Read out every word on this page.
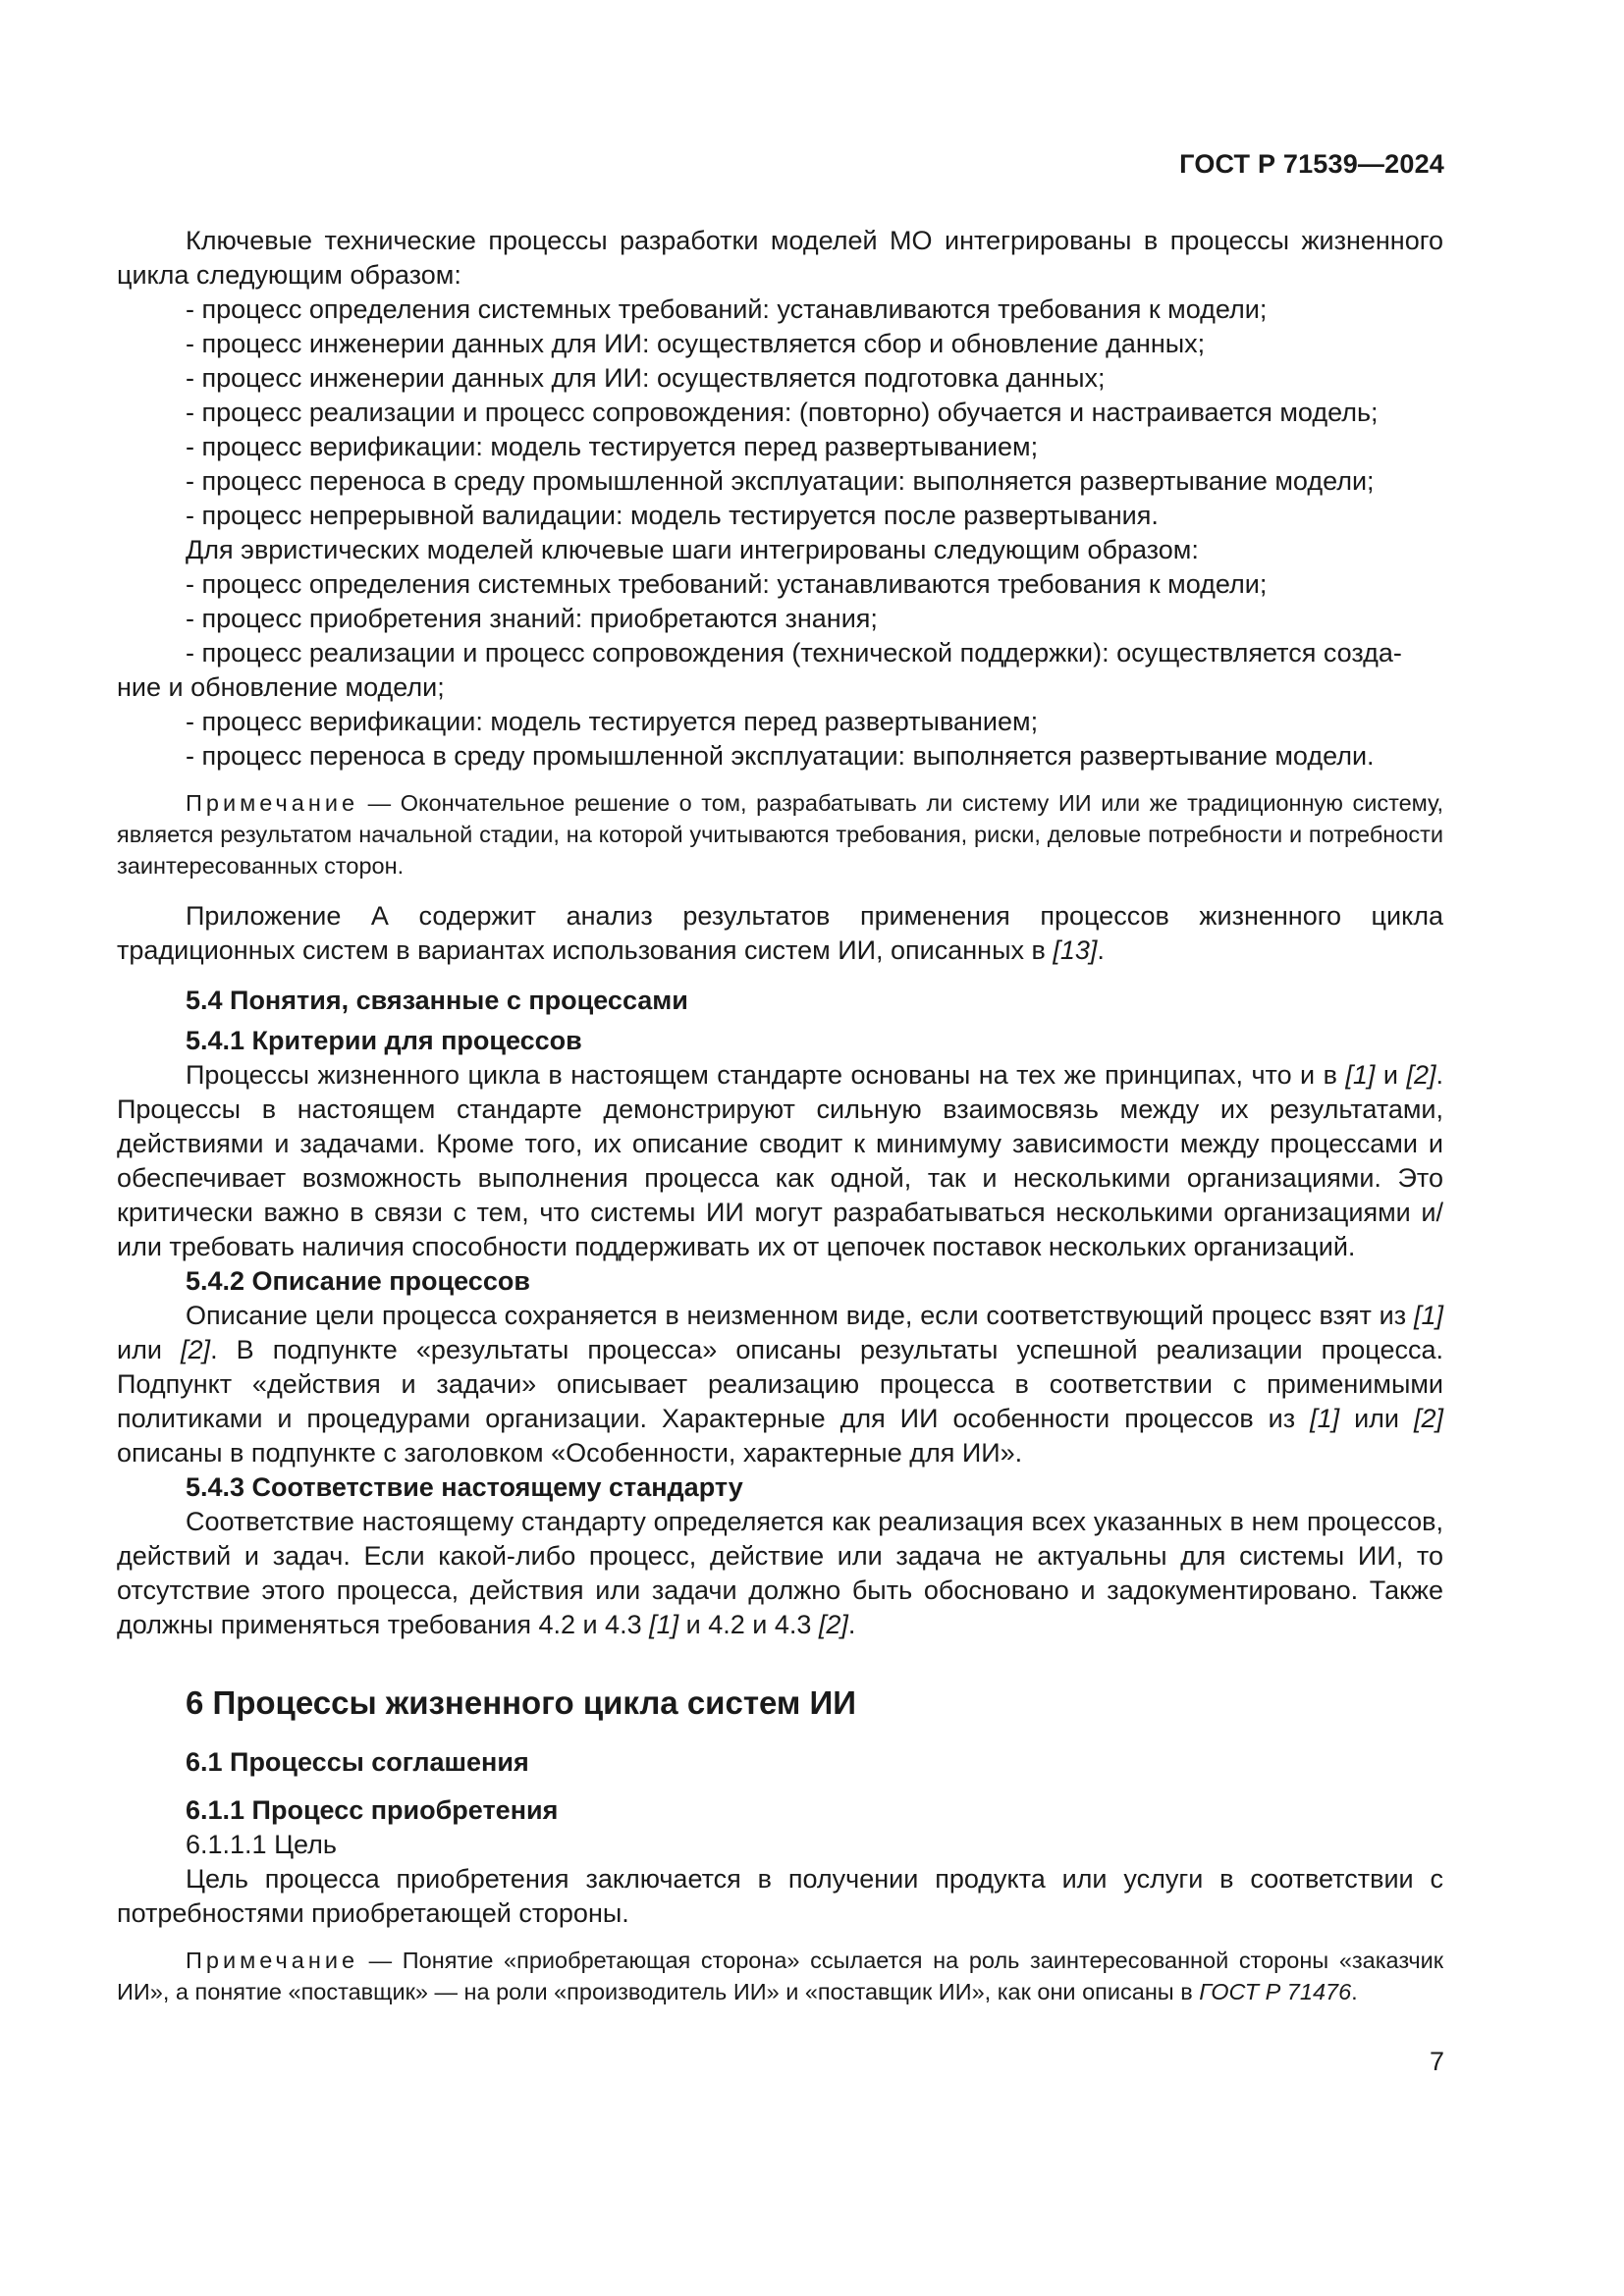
ГОСТ Р 71539—2024

Ключевые технические процессы разработки моделей МО интегрированы в процессы жизненного цикла следующим образом:

- процесс определения системных требований: устанавливаются требования к модели;

- процесс инженерии данных для ИИ: осуществляется сбор и обновление данных;

- процесс инженерии данных для ИИ: осуществляется подготовка данных;

- процесс реализации и процесс сопровождения: (повторно) обучается и настраивается модель;

- процесс верификации: модель тестируется перед развертыванием;

- процесс переноса в среду промышленной эксплуатации: выполняется развертывание модели;

- процесс непрерывной валидации: модель тестируется после развертывания.

Для эвристических моделей ключевые шаги интегрированы следующим образом:

- процесс определения системных требований: устанавливаются требования к модели;

- процесс приобретения знаний: приобретаются знания;

- процесс реализации и процесс сопровождения (технической поддержки): осуществляется созда-

ние и обновление модели;

- процесс верификации: модель тестируется перед развертыванием;

- процесс переноса в среду промышленной эксплуатации: выполняется развертывание модели.

Примечание — Окончательное решение о том, разрабатывать ли систему ИИ или же традиционную систему, является результатом начальной стадии, на которой учитываются требования, риски, деловые потребности и потребности заинтересованных сторон.

Приложение А содержит анализ результатов применения процессов жизненного цикла традиционных систем в вариантах использования систем ИИ, описанных в [13].

5.4 Понятия, связанные с процессами

5.4.1 Критерии для процессов

Процессы жизненного цикла в настоящем стандарте основаны на тех же принципах, что и в [1] и [2]. Процессы в настоящем стандарте демонстрируют сильную взаимосвязь между их результатами, действиями и задачами. Кроме того, их описание сводит к минимуму зависимости между процессами и обеспечивает возможность выполнения процесса как одной, так и несколькими организациями. Это критически важно в связи с тем, что системы ИИ могут разрабатываться несколькими организациями и/или требовать наличия способности поддерживать их от цепочек поставок нескольких организаций.

5.4.2 Описание процессов

Описание цели процесса сохраняется в неизменном виде, если соответствующий процесс взят из [1] или [2]. В подпункте «результаты процесса» описаны результаты успешной реализации процесса. Подпункт «действия и задачи» описывает реализацию процесса в соответствии с применимыми политиками и процедурами организации. Характерные для ИИ особенности процессов из [1] или [2] описаны в подпункте с заголовком «Особенности, характерные для ИИ».

5.4.3 Соответствие настоящему стандарту

Соответствие настоящему стандарту определяется как реализация всех указанных в нем процессов, действий и задач. Если какой-либо процесс, действие или задача не актуальны для системы ИИ, то отсутствие этого процесса, действия или задачи должно быть обосновано и задокументировано. Также должны применяться требования 4.2 и 4.3 [1] и 4.2 и 4.3 [2].

6 Процессы жизненного цикла систем ИИ

6.1 Процессы соглашения

6.1.1 Процесс приобретения

6.1.1.1 Цель

Цель процесса приобретения заключается в получении продукта или услуги в соответствии с потребностями приобретающей стороны.

Примечание — Понятие «приобретающая сторона» ссылается на роль заинтересованной стороны «заказчик ИИ», а понятие «поставщик» — на роли «производитель ИИ» и «поставщик ИИ», как они описаны в ГОСТ Р 71476.

7
